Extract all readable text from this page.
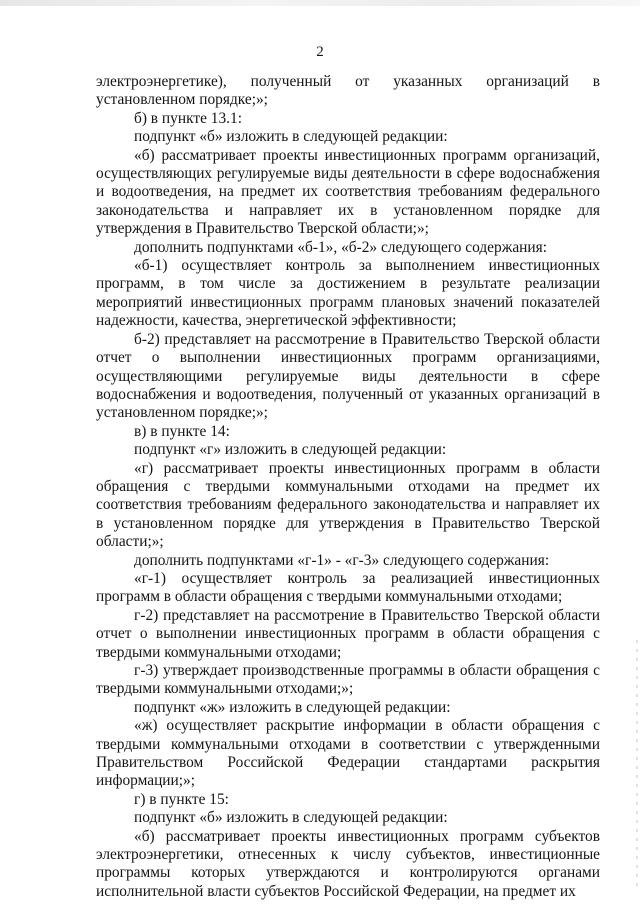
2

электроэнергетике), полученный от указанных организаций в установленном порядке;»;

б) в пункте 13.1:

подпункт «б» изложить в следующей редакции:

«б) рассматривает проекты инвестиционных программ организаций, осуществляющих регулируемые виды деятельности в сфере водоснабжения и водоотведения, на предмет их соответствия требованиям федерального законодательства и направляет их в установленном порядке для утверждения в Правительство Тверской области;»;

дополнить подпунктами «б-1», «б-2» следующего содержания:

«б-1) осуществляет контроль за выполнением инвестиционных программ, в том числе за достижением в результате реализации мероприятий инвестиционных программ плановых значений показателей надежности, качества, энергетической эффективности;

б-2) представляет на рассмотрение в Правительство Тверской области отчет о выполнении инвестиционных программ организациями, осуществляющими регулируемые виды деятельности в сфере водоснабжения и водоотведения, полученный от указанных организаций в установленном порядке;»;

в) в пункте 14:

подпункт «г» изложить в следующей редакции:

«г) рассматривает проекты инвестиционных программ в области обращения с твердыми коммунальными отходами на предмет их соответствия требованиям федерального законодательства и направляет их в установленном порядке для утверждения в Правительство Тверской области;»;

дополнить подпунктами «г-1» - «г-3» следующего содержания:

«г-1) осуществляет контроль за реализацией инвестиционных программ в области обращения с твердыми коммунальными отходами;

г-2) представляет на рассмотрение в Правительство Тверской области отчет о выполнении инвестиционных программ в области обращения с твердыми коммунальными отходами;

г-3) утверждает производственные программы в области обращения с твердыми коммунальными отходами;»;

подпункт «ж» изложить в следующей редакции:

«ж) осуществляет раскрытие информации в области обращения с твердыми коммунальными отходами в соответствии с утвержденными Правительством Российской Федерации стандартами раскрытия информации;»;

г) в пункте 15:

подпункт «б» изложить в следующей редакции:

«б) рассматривает проекты инвестиционных программ субъектов электроэнергетики, отнесенных к числу субъектов, инвестиционные программы которых утверждаются и контролируются органами исполнительной власти субъектов Российской Федерации, на предмет их
